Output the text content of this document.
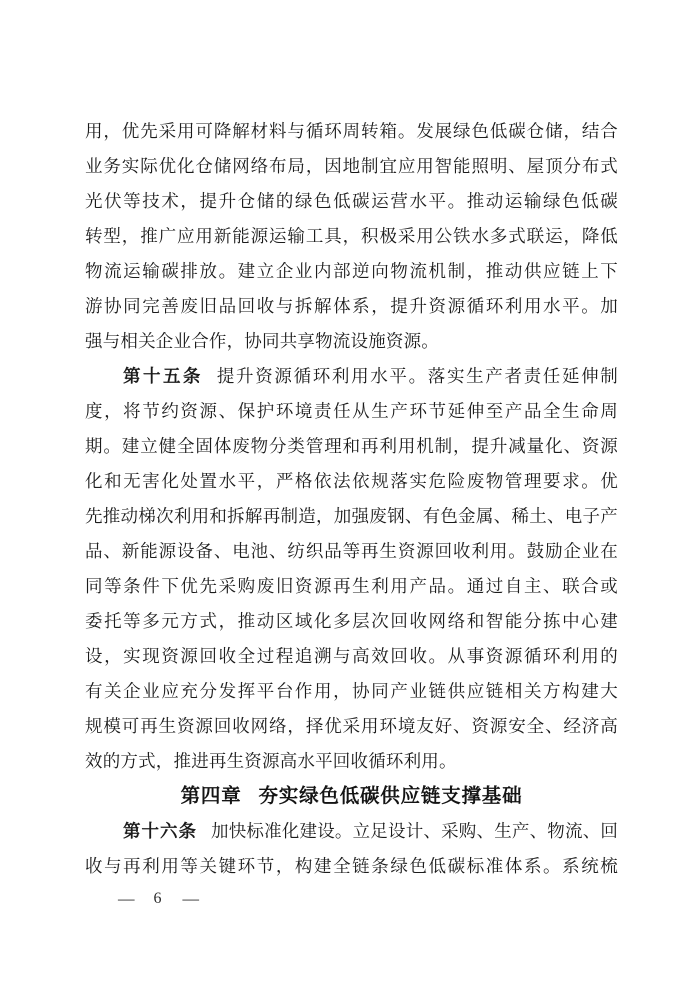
用，优先采用可降解材料与循环周转箱。发展绿色低碳仓储，结合
业务实际优化仓储网络布局，因地制宜应用智能照明、屋顶分布式
光伏等技术，提升仓储的绿色低碳运营水平。推动运输绿色低碳
转型，推广应用新能源运输工具，积极采用公铁水多式联运，降低
物流运输碳排放。建立企业内部逆向物流机制，推动供应链上下
游协同完善废旧品回收与拆解体系，提升资源循环利用水平。加
强与相关企业合作，协同共享物流设施资源。
第十五条 提升资源循环利用水平。落实生产者责任延伸制
度，将节约资源、保护环境责任从生产环节延伸至产品全生命周
期。建立健全固体废物分类管理和再利用机制，提升减量化、资源
化和无害化处置水平，严格依法依规落实危险废物管理要求。优
先推动梯次利用和拆解再制造，加强废钢、有色金属、稀土、电子产
品、新能源设备、电池、纺织品等再生资源回收利用。鼓励企业在
同等条件下优先采购废旧资源再生利用产品。通过自主、联合或
委托等多元方式，推动区域化多层次回收网络和智能分拣中心建
设，实现资源回收全过程追溯与高效回收。从事资源循环利用的
有关企业应充分发挥平台作用，协同产业链供应链相关方构建大
规模可再生资源回收网络，择优采用环境友好、资源安全、经济高
效的方式，推进再生资源高水平回收循环利用。
第四章 夯实绿色低碳供应链支撑基础
第十六条 加快标准化建设。立足设计、采购、生产、物流、回
收与再利用等关键环节，构建全链条绿色低碳标准体系。系统梳
— 6 —
